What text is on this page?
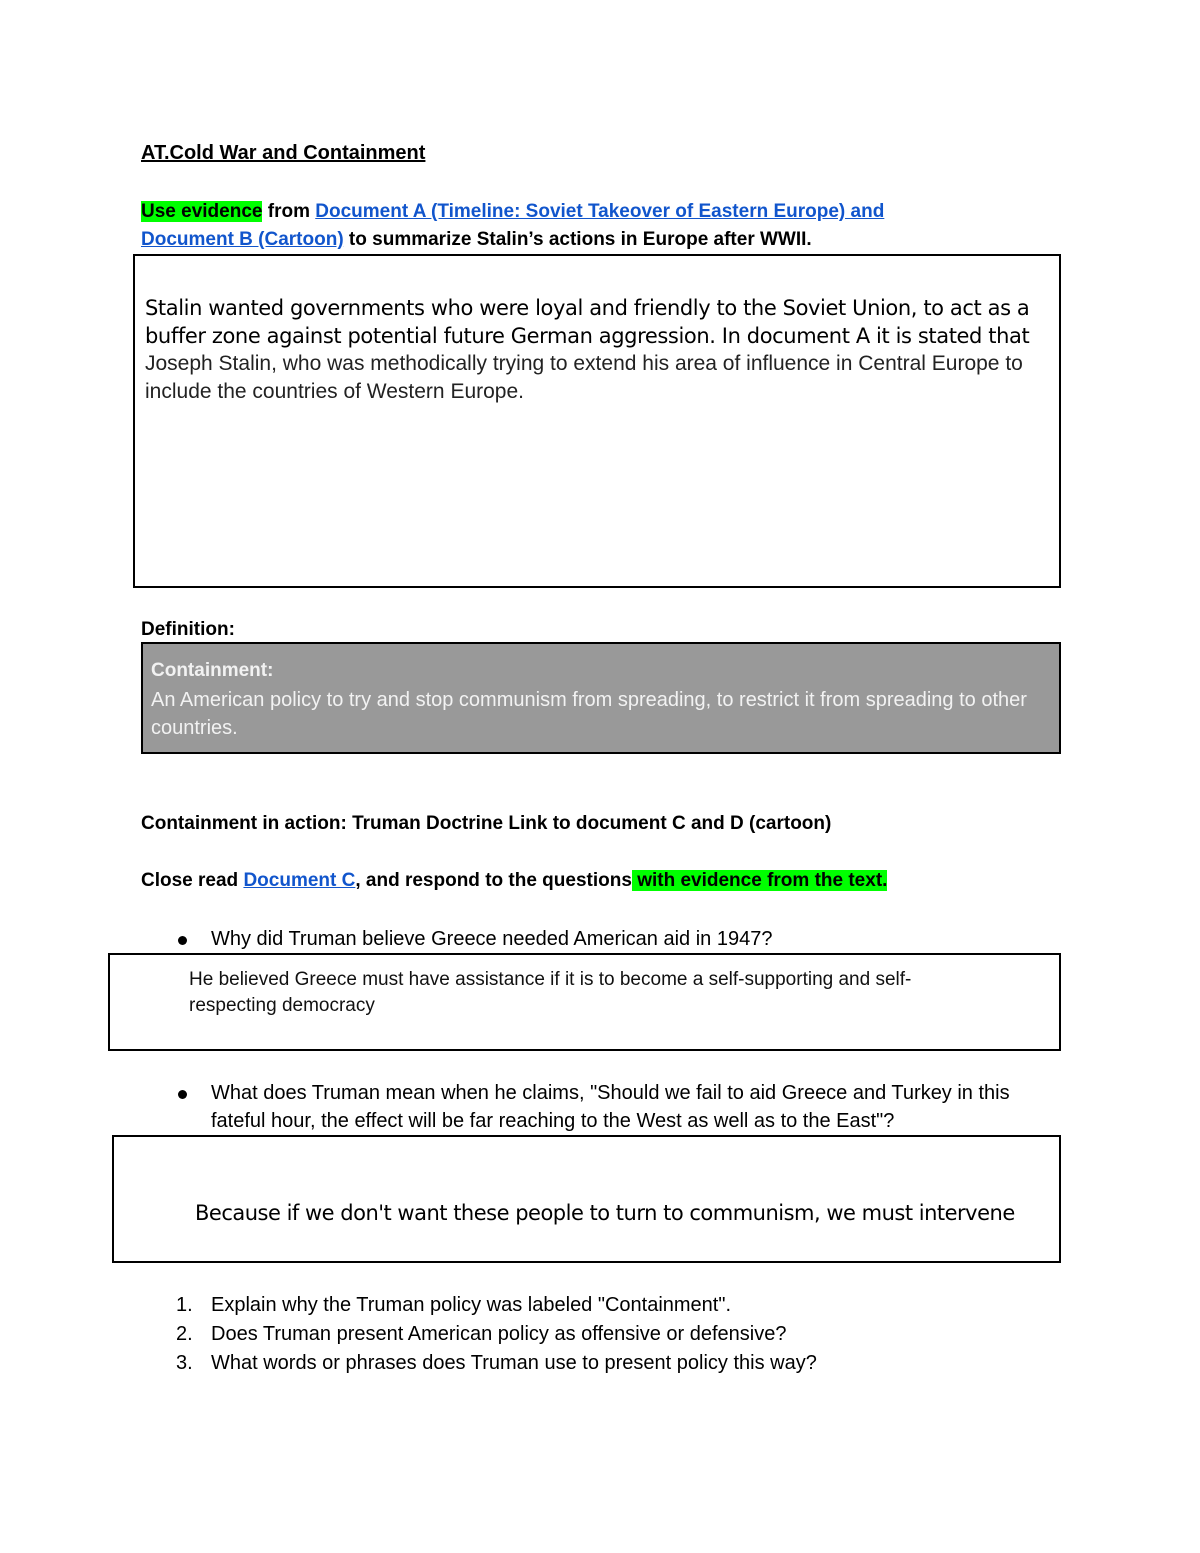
AT.Cold War and Containment
Use evidence from Document A (Timeline: Soviet Takeover of Eastern Europe) and
Document B (Cartoon) to summarize Stalin’s actions in Europe after WWII.
Stalin wanted governments who were loyal and friendly to the Soviet Union, to act as a buffer zone against potential future German aggression. In document A it is stated that Joseph Stalin, who was methodically trying to extend his area of influence in Central Europe to include the countries of Western Europe.
Definition:
Containment:
An American policy to try and stop communism from spreading, to restrict it from spreading to other countries.
Containment in action: Truman Doctrine Link to document C and D (cartoon)
Close read Document C, and respond to the questions with evidence from the text.
Why did Truman believe Greece needed American aid in 1947?
He believed Greece must have assistance if it is to become a self-supporting and self-respecting democracy
What does Truman mean when he claims, "Should we fail to aid Greece and Turkey in this fateful hour, the effect will be far reaching to the West as well as to the East"?
Because if we don't want these people to turn to communism, we must intervene
1. Explain why the Truman policy was labeled "Containment".
2. Does Truman present American policy as offensive or defensive?
3. What words or phrases does Truman use to present policy this way?
